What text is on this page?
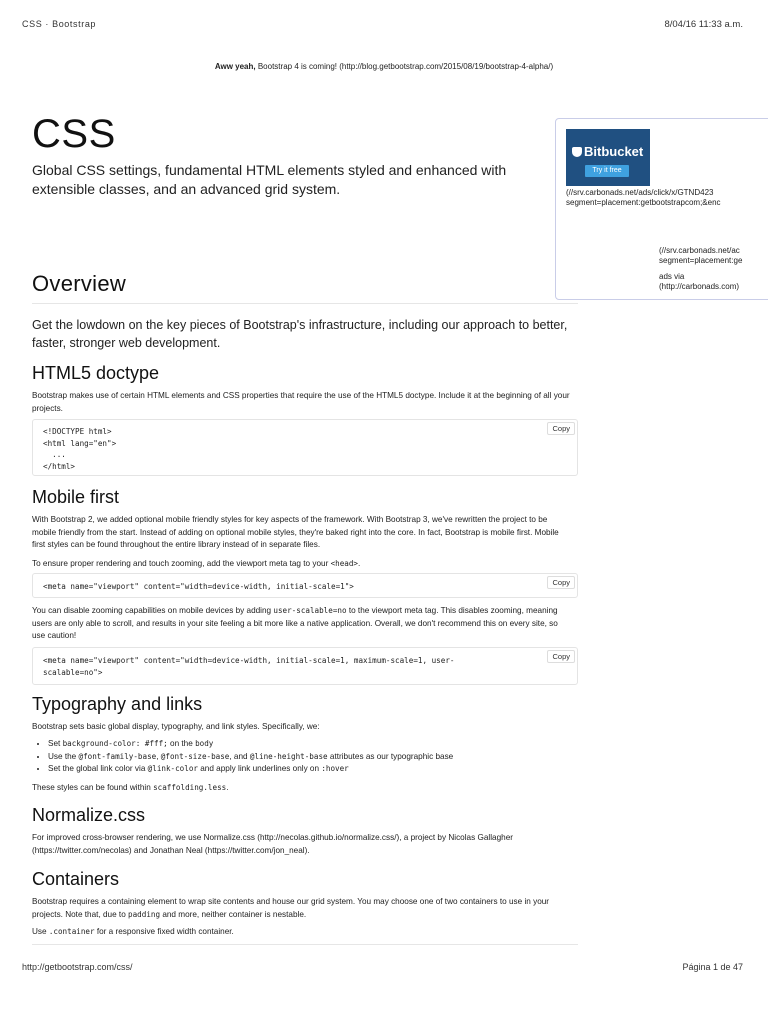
CSS · Bootstrap	8/04/16 11:33 a.m.
Aww yeah, Bootstrap 4 is coming! (http://blog.getbootstrap.com/2015/08/19/bootstrap-4-alpha/)
CSS
Global CSS settings, fundamental HTML elements styled and enhanced with extensible classes, and an advanced grid system.
Bitbucket
Try it free
(//srv.carbonads.net/ads/click/x/GTND423
segment=placement:getbootstrapcom;&enc
(//srv.carbonads.net/ac
segment=placement:ge
ads via
(http://carbonads.com)
Overview
Get the lowdown on the key pieces of Bootstrap's infrastructure, including our approach to better, faster, stronger web development.
HTML5 doctype
Bootstrap makes use of certain HTML elements and CSS properties that require the use of the HTML5 doctype. Include it at the beginning of all your projects.
<!DOCTYPE html>
<html lang="en">
...
</html>
Copy
Mobile first
With Bootstrap 2, we added optional mobile friendly styles for key aspects of the framework. With Bootstrap 3, we've rewritten the project to be mobile friendly from the start. Instead of adding on optional mobile styles, they're baked right into the core. In fact, Bootstrap is mobile first. Mobile first styles can be found throughout the entire library instead of in separate files.
To ensure proper rendering and touch zooming, add the viewport meta tag to your <head>.
<meta name="viewport" content="width=device-width, initial-scale=1">	Copy
You can disable zooming capabilities on mobile devices by adding user-scalable=no to the viewport meta tag. This disables zooming, meaning users are only able to scroll, and results in your site feeling a bit more like a native application. Overall, we don't recommend this on every site, so use caution!
<meta name="viewport" content="width=device-width, initial-scale=1, maximum-scale=1, user-scalable=no">
Copy
Typography and links
Bootstrap sets basic global display, typography, and link styles. Specifically, we:
• Set background-color: #fff; on the body
• Use the @font-family-base, @font-size-base, and @line-height-base attributes as our typographic base
• Set the global link color via @link-color and apply link underlines only on :hover
These styles can be found within scaffolding.less.
Normalize.css
For improved cross-browser rendering, we use Normalize.css (http://necolas.github.io/normalize.css/), a project by Nicolas Gallagher (https://twitter.com/necolas) and Jonathan Neal (https://twitter.com/jon_neal).
Containers
Bootstrap requires a containing element to wrap site contents and house our grid system. You may choose one of two containers to use in your projects. Note that, due to padding and more, neither container is nestable.
Use .container for a responsive fixed width container.
http://getbootstrap.com/css/	Página 1 de 47
